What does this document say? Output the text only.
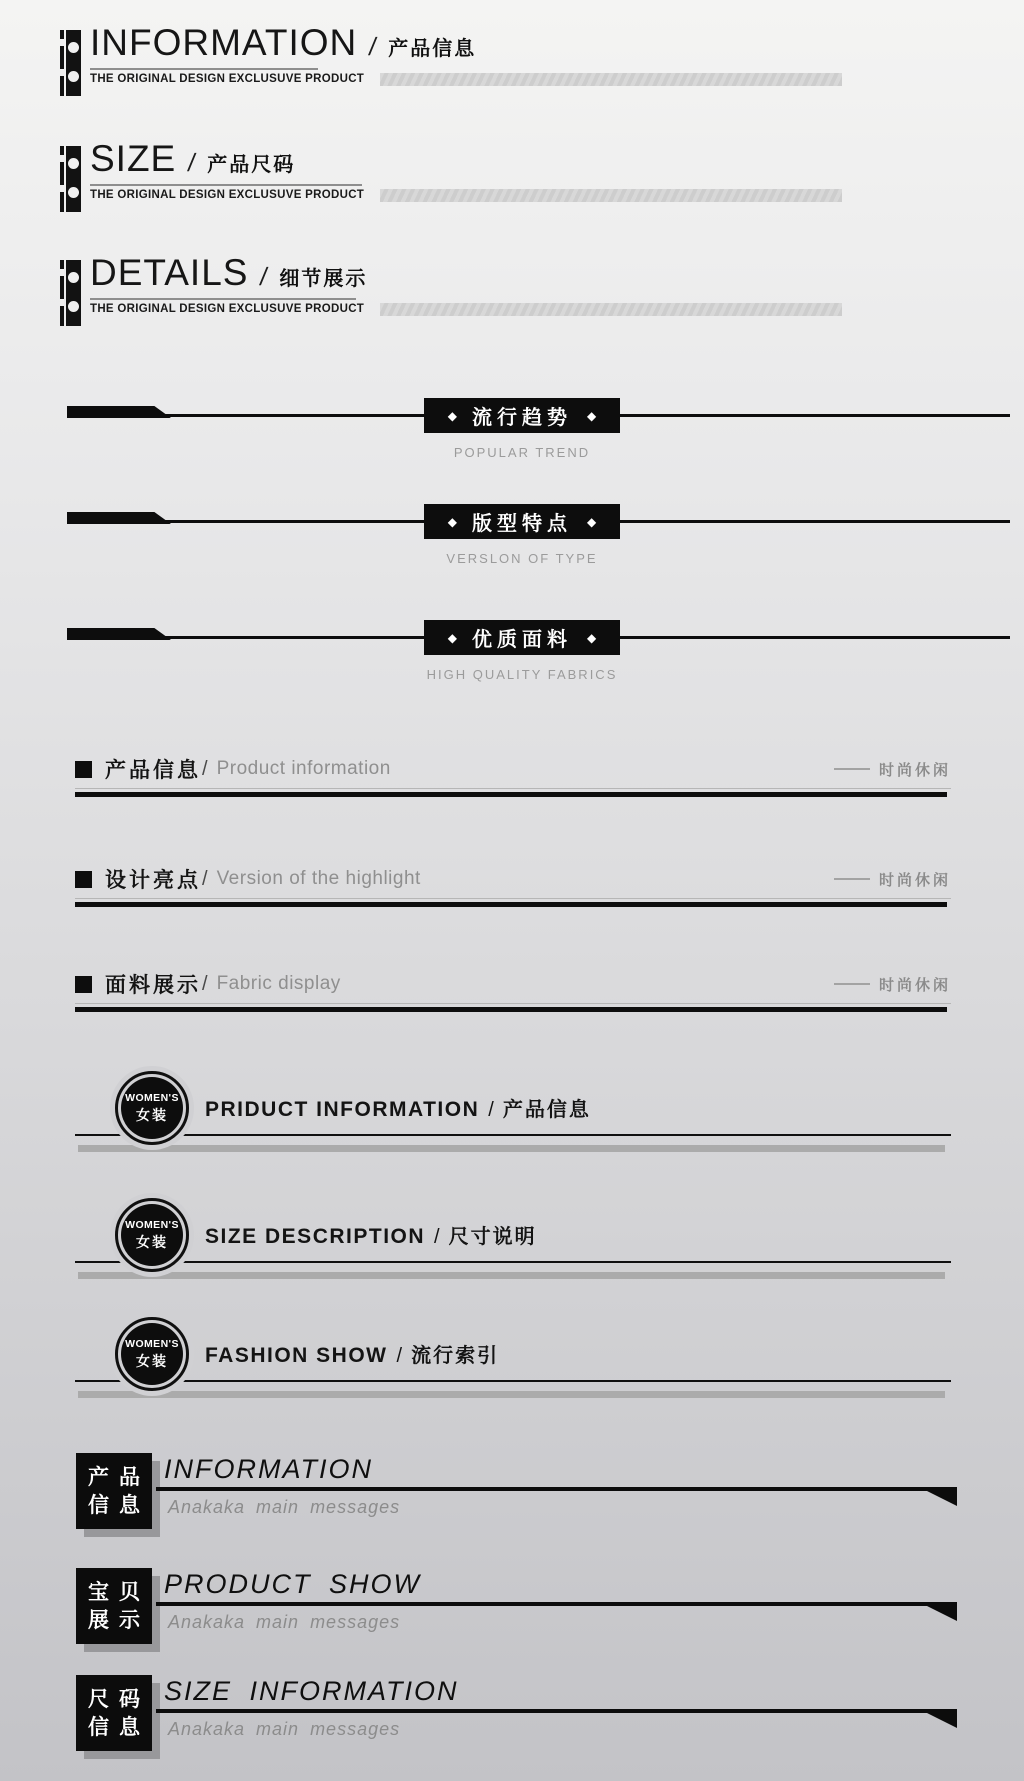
INFORMATION / 产品信息
THE ORIGINAL DESIGN EXCLUSUVE PRODUCT
SIZE / 产品尺码
THE ORIGINAL DESIGN EXCLUSUVE PRODUCT
DETAILS / 细节展示
THE ORIGINAL DESIGN EXCLUSUVE PRODUCT
◆ 流行趋势 ◆
POPULAR TREND
◆ 版型特点 ◆
VERSLON OF TYPE
◆ 优质面料 ◆
HIGH QUALITY FABRICS
产品信息 / Product information	时尚休闲
设计亮点 / Version of the highlight	时尚休闲
面料展示 / Fabric display	时尚休闲
WOMEN'S
女装 PRIDUCT INFORMATION / 产品信息
WOMEN'S
女装 SIZE DESCRIPTION / 尺寸说明
WOMEN'S
女装 FASHION SHOW / 流行索引
产品
信息
INFORMATION
Anakaka main messages
宝贝
展示
PRODUCT SHOW
Anakaka main messages
尺码
信息
SIZE INFORMATION
Anakaka main messages
